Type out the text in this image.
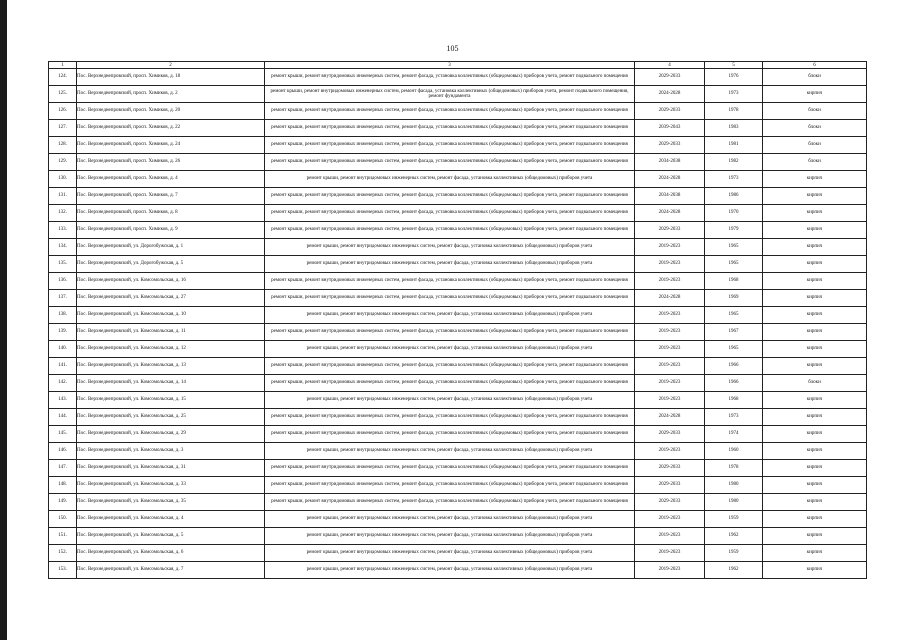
105
1	2	3	4	5	6
124.	Пос. Верхнеднепровский, просп. Химиков, д. 18	ремонт крыши, ремонт внутридомовых инженерных систем, ремонт фасада, установка коллективных (общедомовых) приборов учета, ремонт подвального помещения	2029-2033	1976	блоки
125.	Пос. Верхнеднепровский, просп. Химиков, д. 2	ремонт крыши, ремонт внутридомовых инженерных систем, ремонт фасада, установка коллективных (общедомовых) приборов учета, ремонт подвального помещения, ремонт фундамента	2024-2028	1973	кирпич
126.	Пос. Верхнеднепровский, просп. Химиков, д. 20	ремонт крыши, ремонт внутридомовых инженерных систем, ремонт фасада, установка коллективных (общедомовых) приборов учета, ремонт подвального помещения	2029-2033	1978	блоки
127.	Пос. Верхнеднепровский, просп. Химиков, д. 22	ремонт крыши, ремонт внутридомовых инженерных систем, ремонт фасада, установка коллективных (общедомовых) приборов учета, ремонт подвального помещения	2039-2043	1983	блоки
128.	Пос. Верхнеднепровский, просп. Химиков, д. 24	ремонт крыши, ремонт внутридомовых инженерных систем, ремонт фасада, установка коллективных (общедомовых) приборов учета, ремонт подвального помещения	2029-2033	1981	блоки
129.	Пос. Верхнеднепровский, просп. Химиков, д. 26	ремонт крыши, ремонт внутридомовых инженерных систем, ремонт фасада, установка коллективных (общедомовых) приборов учета, ремонт подвального помещения	2034-2038	1982	блоки
130.	Пос. Верхнеднепровский, просп. Химиков, д. 4	ремонт крыши, ремонт внутридомовых инженерных систем, ремонт фасада, установка коллективных (общедомовых) приборов учета	2024-2028	1973	кирпич
131.	Пос. Верхнеднепровский, просп. Химиков, д. 7	ремонт крыши, ремонт внутридомовых инженерных систем, ремонт фасада, установка коллективных (общедомовых) приборов учета, ремонт подвального помещения	2034-2038	1986	кирпич
132.	Пос. Верхнеднепровский, просп. Химиков, д. 8	ремонт крыши, ремонт внутридомовых инженерных систем, ремонт фасада, установка коллективных (общедомовых) приборов учета, ремонт подвального помещения	2024-2028	1970	кирпич
133.	Пос. Верхнеднепровский, просп. Химиков, д. 9	ремонт крыши, ремонт внутридомовых инженерных систем, ремонт фасада, установка коллективных (общедомовых) приборов учета, ремонт подвального помещения	2029-2033	1979	кирпич
134.	Пос. Верхнеднепровский, ул. Дорогобужская, д. 1	ремонт крыши, ремонт внутридомовых инженерных систем, ремонт фасада, установка коллективных (общедомовых) приборов учета	2019-2023	1965	кирпич
135.	Пос. Верхнеднепровский, ул. Дорогобужская, д. 5	ремонт крыши, ремонт внутридомовых инженерных систем, ремонт фасада, установка коллективных (общедомовых) приборов учета	2019-2023	1965	кирпич
136.	Пос. Верхнеднепровский, ул. Комсомольская, д. 16	ремонт крыши, ремонт внутридомовых инженерных систем, ремонт фасада, установка коллективных (общедомовых) приборов учета, ремонт подвального помещения	2019-2023	1968	кирпич
137.	Пос. Верхнеднепровский, ул. Комсомольская, д. 27	ремонт крыши, ремонт внутридомовых инженерных систем, ремонт фасада, установка коллективных (общедомовых) приборов учета, ремонт подвального помещения	2024-2028	1969	кирпич
138.	Пос. Верхнеднепровский, ул. Комсомольская, д. 10	ремонт крыши, ремонт внутридомовых инженерных систем, ремонт фасада, установка коллективных (общедомовых) приборов учета	2019-2023	1965	кирпич
139.	Пос. Верхнеднепровский, ул. Комсомольская, д. 11	ремонт крыши, ремонт внутридомовых инженерных систем, ремонт фасада, установка коллективных (общедомовых) приборов учета, ремонт подвального помещения	2019-2023	1967	кирпич
140.	Пос. Верхнеднепровский, ул. Комсомольская, д. 12	ремонт крыши, ремонт внутридомовых инженерных систем, ремонт фасада, установка коллективных (общедомовых) приборов учета	2019-2023	1965	кирпич
141.	Пос. Верхнеднепровский, ул. Комсомольская, д. 13	ремонт крыши, ремонт внутридомовых инженерных систем, ремонт фасада, установка коллективных (общедомовых) приборов учета, ремонт подвального помещения	2019-2023	1966	кирпич
142.	Пос. Верхнеднепровский, ул. Комсомольская, д. 14	ремонт крыши, ремонт внутридомовых инженерных систем, ремонт фасада, установка коллективных (общедомовых) приборов учета, ремонт подвального помещения	2019-2023	1966	блоки
143.	Пос. Верхнеднепровский, ул. Комсомольская, д. 15	ремонт крыши, ремонт внутридомовых инженерных систем, ремонт фасада, установка коллективных (общедомовых) приборов учета	2019-2023	1968	кирпич
144.	Пос. Верхнеднепровский, ул. Комсомольская, д. 25	ремонт крыши, ремонт внутридомовых инженерных систем, ремонт фасада, установка коллективных (общедомовых) приборов учета, ремонт подвального помещения	2024-2028	1973	кирпич
145.	Пос. Верхнеднепровский, ул. Комсомольская, д. 29	ремонт крыши, ремонт внутридомовых инженерных систем, ремонт фасада, установка коллективных (общедомовых) приборов учета, ремонт подвального помещения	2029-2033	1974	кирпич
146.	Пос. Верхнеднепровский, ул. Комсомольская, д. 3	ремонт крыши, ремонт внутридомовых инженерных систем, ремонт фасада, установка коллективных (общедомовых) приборов учета	2019-2023	1960	кирпич
147.	Пос. Верхнеднепровский, ул. Комсомольская, д. 31	ремонт крыши, ремонт внутридомовых инженерных систем, ремонт фасада, установка коллективных (общедомовых) приборов учета, ремонт подвального помещения	2029-2033	1978	кирпич
148.	Пос. Верхнеднепровский, ул. Комсомольская, д. 33	ремонт крыши, ремонт внутридомовых инженерных систем, ремонт фасада, установка коллективных (общедомовых) приборов учета, ремонт подвального помещения	2029-2033	1980	кирпич
149.	Пос. Верхнеднепровский, ул. Комсомольская, д. 35	ремонт крыши, ремонт внутридомовых инженерных систем, ремонт фасада, установка коллективных (общедомовых) приборов учета, ремонт подвального помещения	2029-2033	1980	кирпич
150.	Пос. Верхнеднепровский, ул. Комсомольская, д. 4	ремонт крыши, ремонт внутридомовых инженерных систем, ремонт фасада, установка коллективных (общедомовых) приборов учета	2019-2023	1959	кирпич
151.	Пос. Верхнеднепровский, ул. Комсомольская, д. 5	ремонт крыши, ремонт внутридомовых инженерных систем, ремонт фасада, установка коллективных (общедомовых) приборов учета	2019-2023	1962	кирпич
152.	Пос. Верхнеднепровский, ул. Комсомольская, д. 6	ремонт крыши, ремонт внутридомовых инженерных систем, ремонт фасада, установка коллективных (общедомовых) приборов учета	2019-2023	1959	кирпич
153.	Пос. Верхнеднепровский, ул. Комсомольская, д. 7	ремонт крыши, ремонт внутридомовых инженерных систем, ремонт фасада, установка коллективных (общедомовых) приборов учета	2019-2023	1962	кирпич
